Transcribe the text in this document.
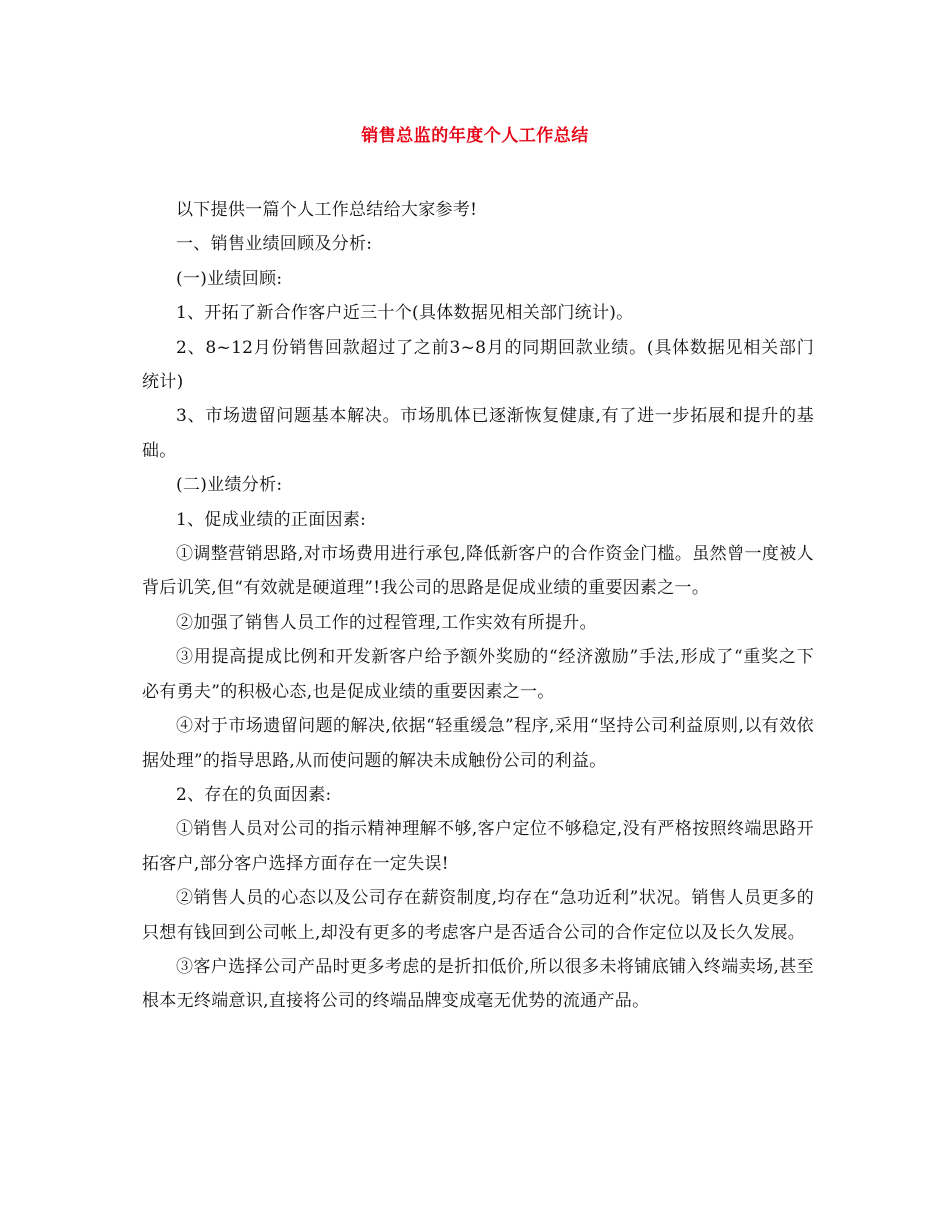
销售总监的年度个人工作总结

以下提供一篇个人工作总结给大家参考!

一、销售业绩回顾及分析:

(一)业绩回顾:

1、开拓了新合作客户近三十个(具体数据见相关部门统计)。

2、8~12月份销售回款超过了之前3~8月的同期回款业绩。(具体数据见相关部门统计)

3、市场遗留问题基本解决。市场肌体已逐渐恢复健康,有了进一步拓展和提升的基础。

(二)业绩分析:

1、促成业绩的正面因素:

①调整营销思路,对市场费用进行承包,降低新客户的合作资金门槛。虽然曾一度被人背后讥笑,但“有效就是硬道理”!我公司的思路是促成业绩的重要因素之一。

②加强了销售人员工作的过程管理,工作实效有所提升。

③用提高提成比例和开发新客户给予额外奖励的“经济激励”手法,形成了“重奖之下必有勇夫”的积极心态,也是促成业绩的重要因素之一。

④对于市场遗留问题的解决,依据“轻重缓急”程序,采用“坚持公司利益原则,以有效依据处理”的指导思路,从而使问题的解决未成触份公司的利益。

2、存在的负面因素:

①销售人员对公司的指示精神理解不够,客户定位不够稳定,没有严格按照终端思路开拓客户,部分客户选择方面存在一定失误!

②销售人员的心态以及公司存在薪资制度,均存在“急功近利”状况。销售人员更多的只想有钱回到公司帐上,却没有更多的考虑客户是否适合公司的合作定位以及长久发展。

③客户选择公司产品时更多考虑的是折扣低价,所以很多未将铺底铺入终端卖场,甚至根本无终端意识,直接将公司的终端品牌变成毫无优势的流通产品。
